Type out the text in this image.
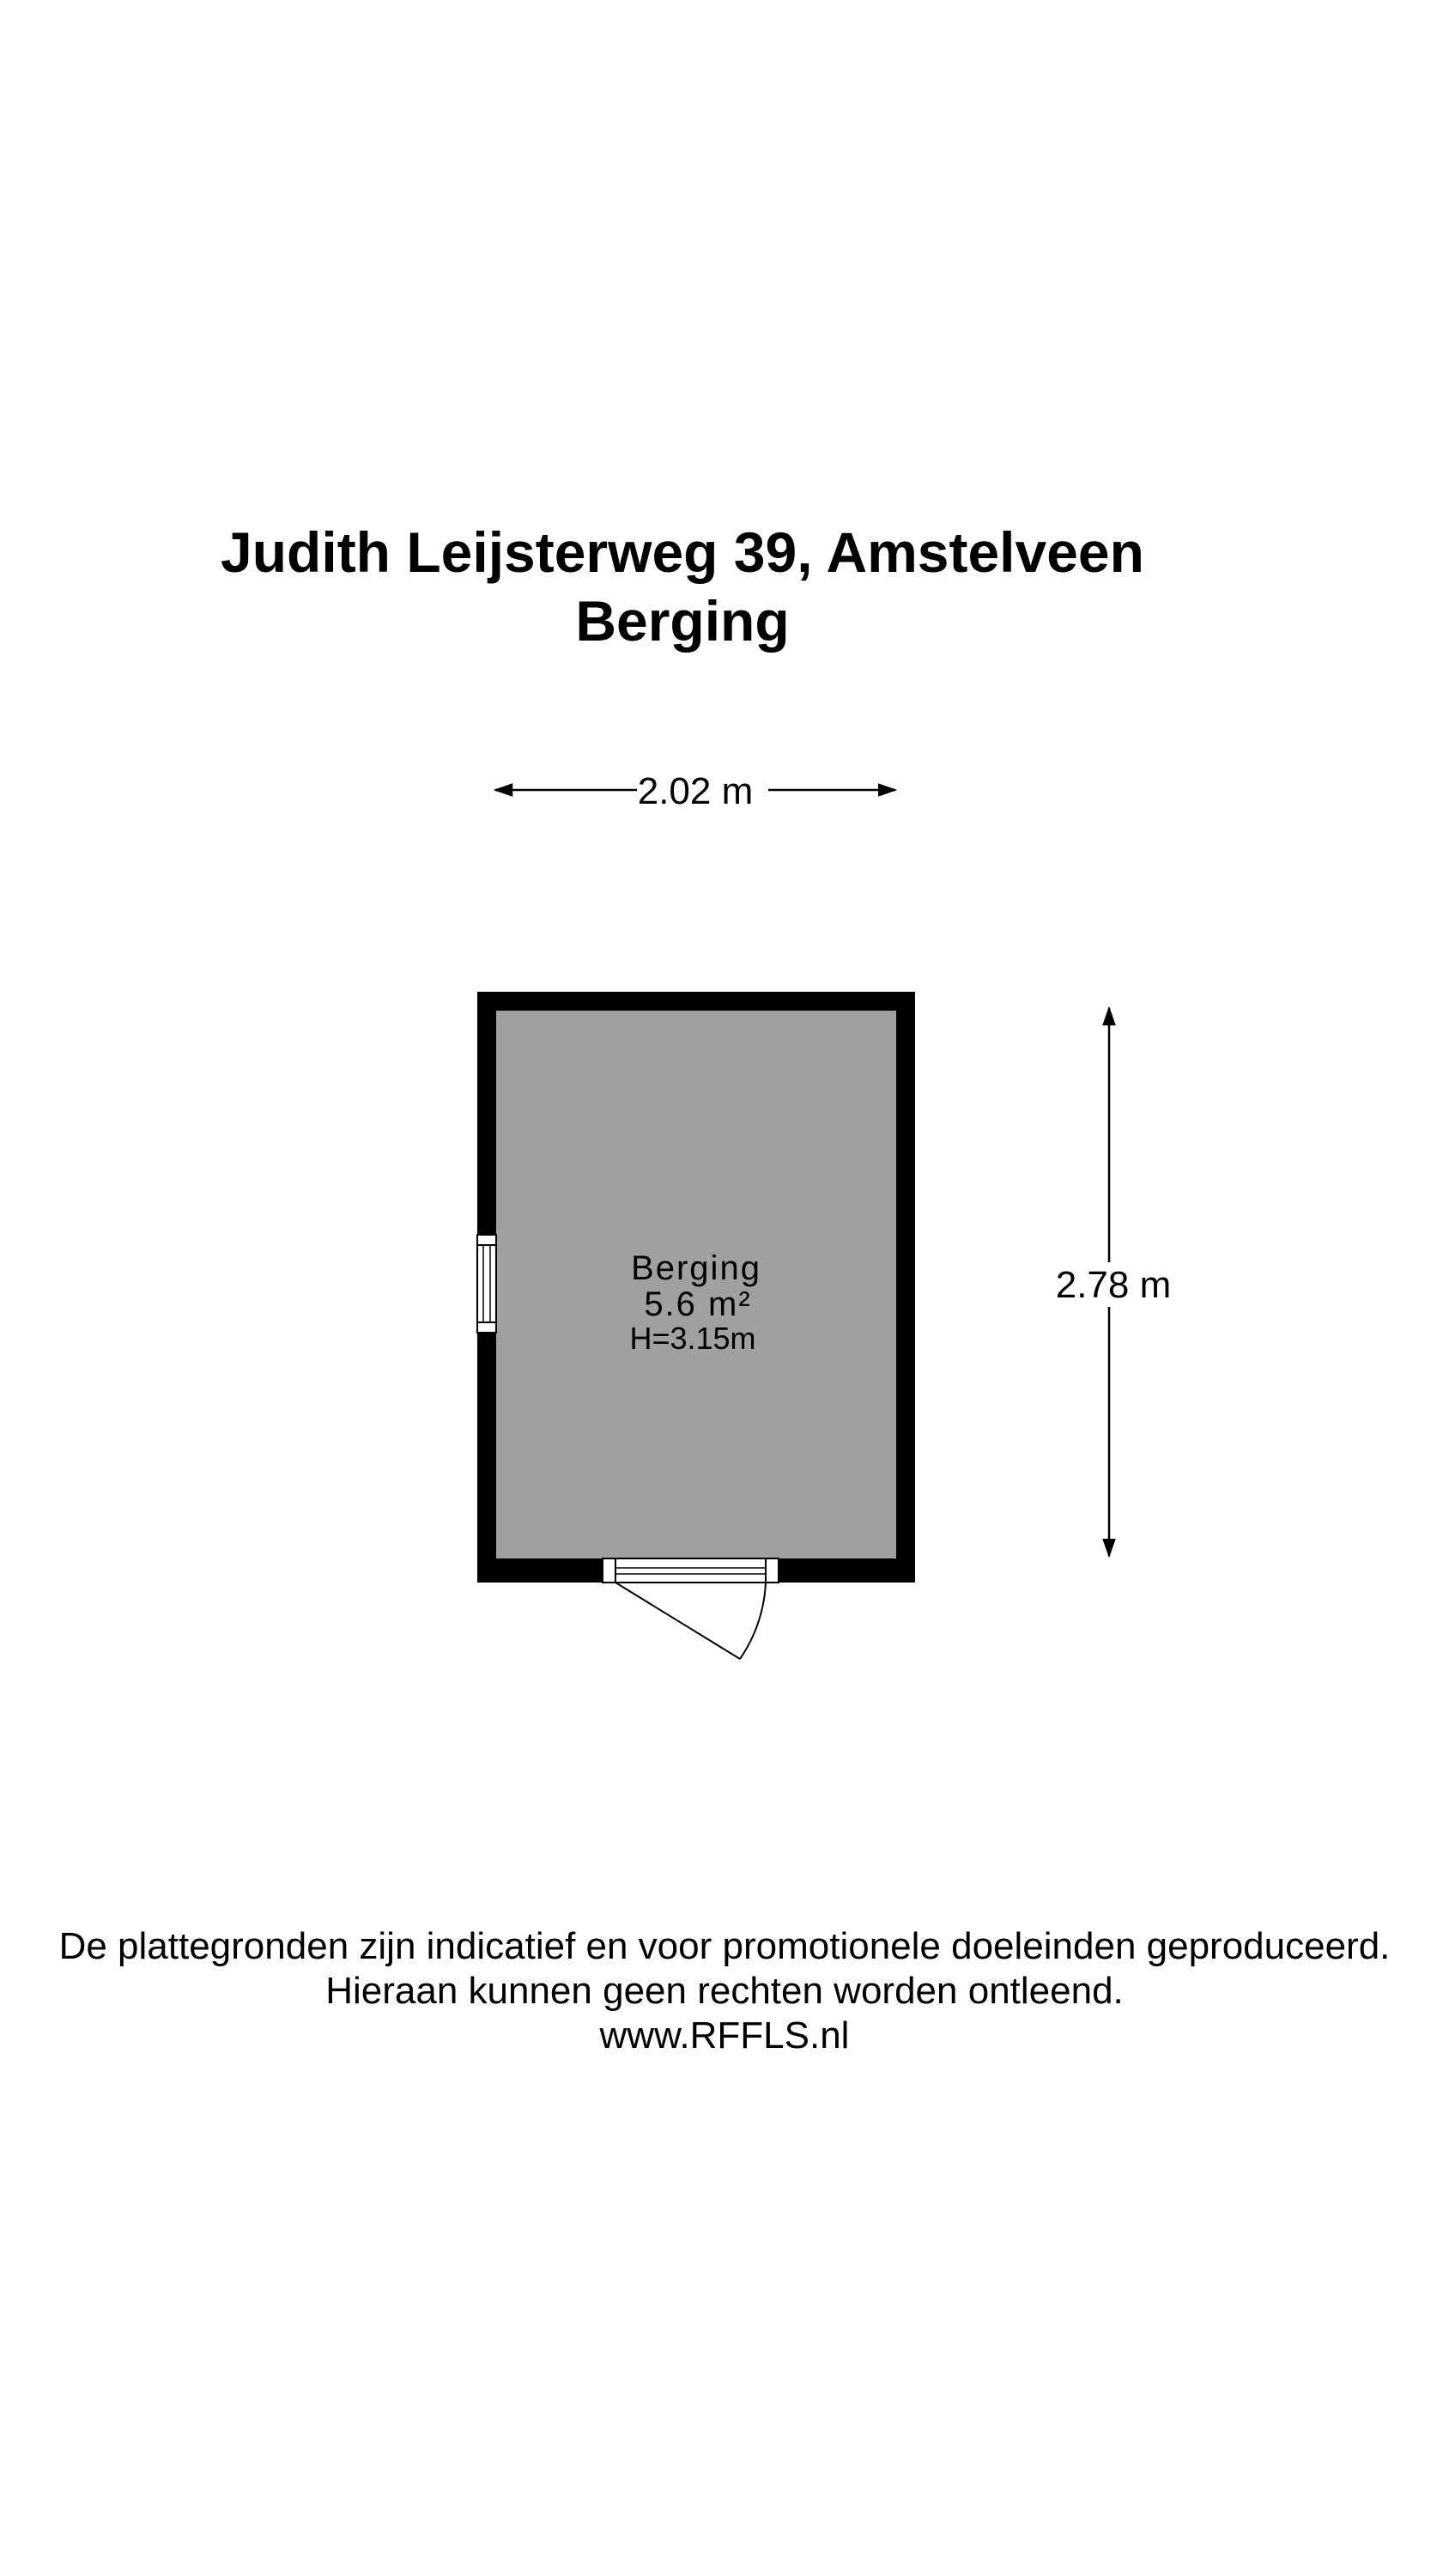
Judith Leijsterweg 39, Amstelveen
Berging
2.02 m
2.78 m
Berging
5.6 m²
H=3.15m
De plattegronden zijn indicatief en voor promotionele doeleinden geproduceerd.
Hieraan kunnen geen rechten worden ontleend.
www.RFFLS.nl
